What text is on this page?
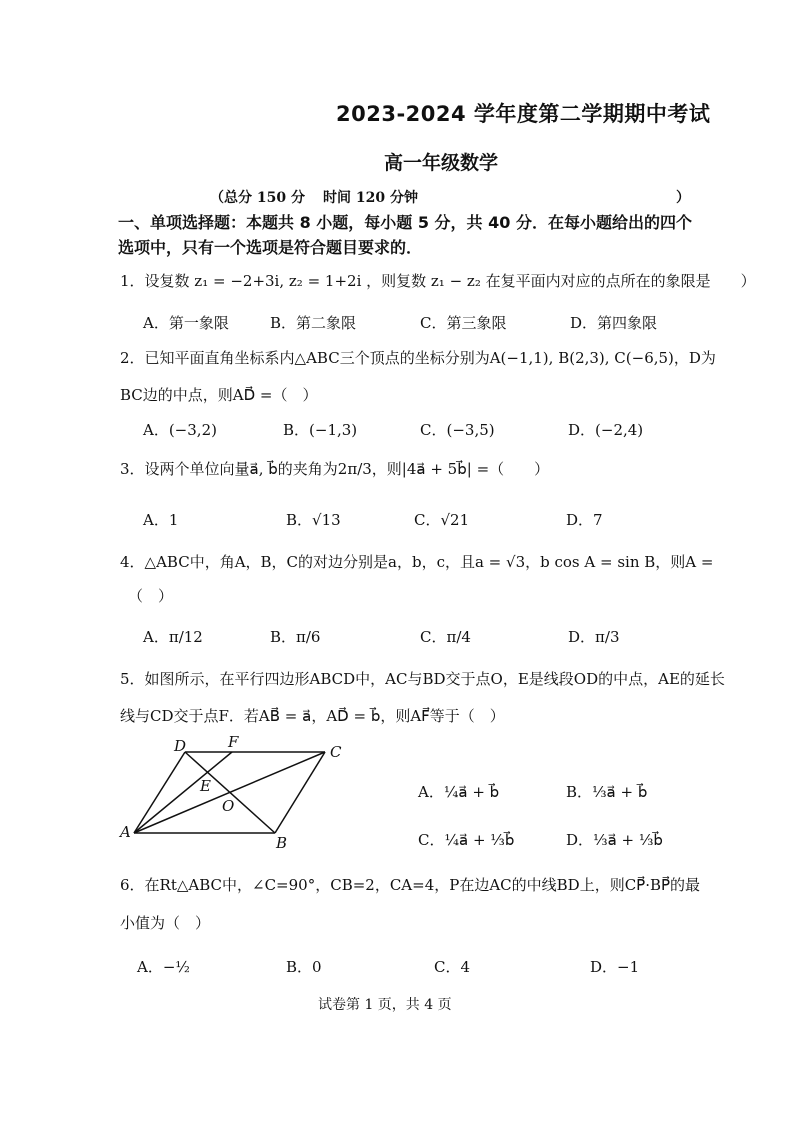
2023-2024 学年度第二学期期中考试
高一年级数学
（总分 150 分 时间 120 分钟	）
一、单项选择题：本题共 8 小题，每小题 5 分，共 40 分．在每小题给出的四个
选项中，只有一个选项是符合题目要求的．
1．设复数 z₁ = −2+3i, z₂ = 1+2i ，则复数 z₁ − z₂ 在复平面内对应的点所在的象限是　　）
A．第一象限	B．第二象限	C．第三象限	D．第四象限
2．已知平面直角坐标系内△ABC三个顶点的坐标分别为A(−1,1), B(2,3), C(−6,5)，D为
BC边的中点，则AD⃗ =（　）
A．(−3,2)	B．(−1,3)	C．(−3,5)	D．(−2,4)
3．设两个单位向量a⃗, b⃗的夹角为2π/3，则|4a⃗ + 5b⃗| =（　　）
A．1	B．√13	C．√21	D．7
4．△ABC中，角A，B，C的对边分别是a，b，c，且a = √3，b cos A = sin B，则A =
（　）
A．π/12	B．π/6	C．π/4	D．π/3
5．如图所示，在平行四边形ABCD中，AC与BD交于点O，E是线段OD的中点，AE的延长
线与CD交于点F．若AB⃗ = a⃗，AD⃗ = b⃗，则AF⃗等于（　）
D	F
C
E
O
A
B
A．¼a⃗ + b⃗	B．⅓a⃗ + b⃗
C．¼a⃗ + ⅓b⃗	D．⅓a⃗ + ⅓b⃗
6．在Rt△ABC中，∠C=90°，CB=2，CA=4，P在边AC的中线BD上，则CP⃗·BP⃗的最
小值为（　）
A．−½	B．0	C．4	D．−1
试卷第 1 页，共 4 页
